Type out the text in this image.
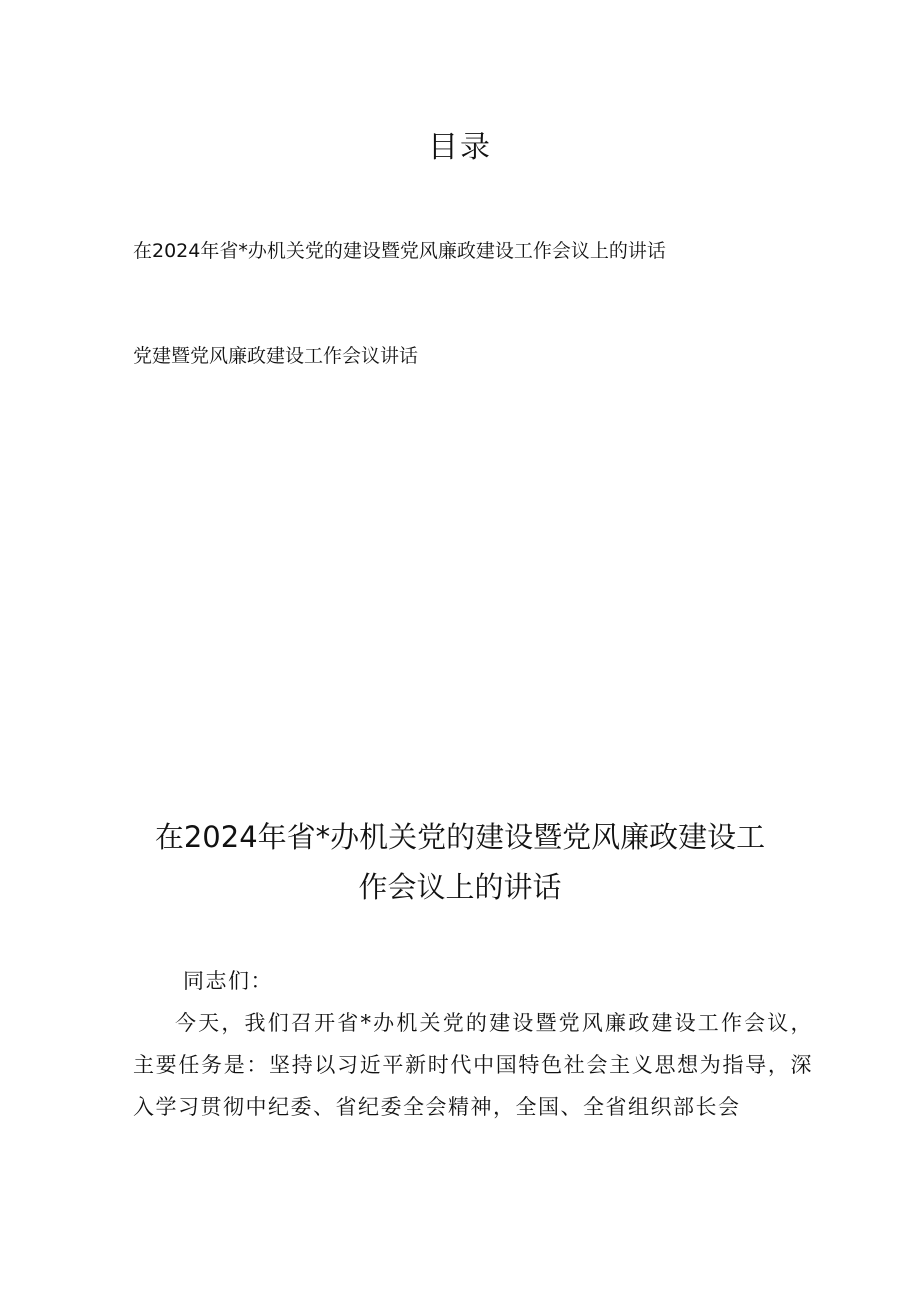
目录

在2024年省*办机关党的建设暨党风廉政建设工作会议上的讲话

党建暨党风廉政建设工作会议讲话

在2024年省*办机关党的建设暨党风廉政建设工
作会议上的讲话

同志们：

今天，我们召开省*办机关党的建设暨党风廉政建设工作会议，主要任务是：坚持以习近平新时代中国特色社会主义思想为指导，深入学习贯彻中纪委、省纪委全会精神，全国、全省组织部长会
